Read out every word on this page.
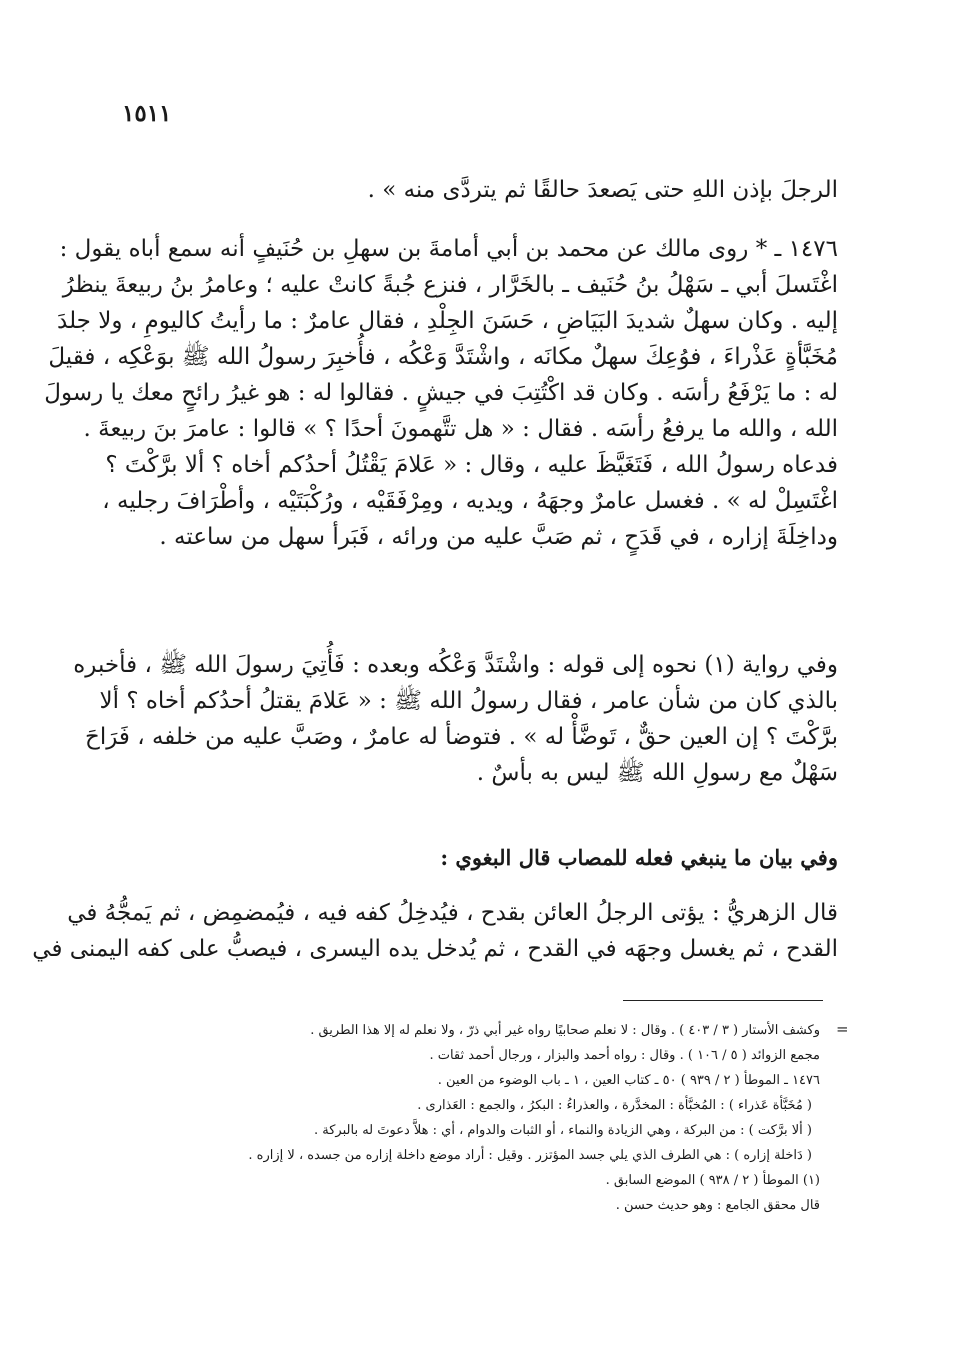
١٥١١
الرجلَ بإذن اللهِ حتى يَصعدَ حالقًا ثم يتردَّى منه » .
١٤٧٦ ـ * روى مالك عن محمد بن أبي أمامةَ بن سهلِ بن حُنَيفٍ أنه سمع أباه يقول :
اغْتَسلَ أبي ـ سَهْلُ بنُ حُنَيف ـ بالخَرَّار ، فنزع جُبةً كانتْ عليه ؛ وعامرُ بنُ ربيعةَ ينظرُ
إليه . وكان سهلٌ شديدَ البَيَاضِ ، حَسَنَ الجِلْدِ ، فقال عامرٌ : ما رأيتُ كاليومِ ، ولا جلدَ
مُخَبَّأةٍ عَذْراءَ ، فوُعِكَ سهلٌ مكانَه ، واشْتَدَّ وَعْكُه ، فأُخبِرَ رسولُ الله ﷺ بوَعْكِه ، فقيلَ
له : ما يَرْفَعُ رأسَه . وكان قد اكْتُتِبَ في جيشٍ . فقالوا له : هو غيرُ رائحٍ معك يا رسولَ
الله ، والله ما يرفعُ رأسَه . فقال : « هل تتَّهمونَ أحدًا ؟ » قالوا : عامرَ بنَ ربيعةَ .
فدعاه رسولُ الله ، فَتَغَيَّظَ عليه ، وقال : « عَلامَ يَقْتُلُ أحدُكم أخاه ؟ ألا برَّكْتَ ؟
اغْتَسِلْ له » . فغسل عامرٌ وجهَهُ ، ويديه ، ومِرْفَقَيْه ، ورُكْبَتَيْه ، وأطْرَافَ رجليه ،
وداخِلَةَ إزاره ، في قَدَحٍ ، ثم صَبَّ عليه من ورائه ، فَبَرأ سهل من ساعته .
وفي رواية (١) نحوه إلى قوله : واشْتَدَّ وَعْكُه وبعده : فَأُتِيَ رسولَ الله ﷺ ، فأخبره
بالذي كان من شأن عامر ، فقال رسولُ الله ﷺ : « عَلامَ يقتلُ أحدُكم أخاه ؟ ألا
برَّكْتَ ؟ إن العين حقٌّ ، تَوضَّأْ له » . فتوضأ له عامرٌ ، وصَبَّ عليه من خلفه ، فَرَاحَ
سَهْلٌ مع رسولِ الله ﷺ ليس به بأسٌ .
وفي بيان ما ينبغي فعله للمصاب قال البغوي :
قال الزهريُّ : يؤتى الرجلُ العائن بقدح ، فيُدخِلُ كفه فيه ، فيُمضمِض ، ثم يَمجُّهُ في
القدح ، ثم يغسل وجهَه في القدح ، ثم يُدخل يده اليسرى ، فيصبُّ على كفه اليمنى في
=
وكشف الأستار ( ٣ / ٤٠٣ ) . وقال : لا نعلم صحابيًا رواه غير أبي ذرّ ، ولا نعلم له إلا هذا الطريق .
مجمع الزوائد ( ٥ / ١٠٦ ) . وقال : رواه أحمد والبزار ، ورجال أحمد ثقات .
١٤٧٦ ـ الموطأ ( ٢ / ٩٣٩ ) ٥٠ ـ كتاب العين ، ١ ـ باب الوضوء من العين .
( مُخَبَّأة عَذراء ) : المُخبَّأة : المخدَّرة ، والعذراءُ : البكرُ ، والجمع : العَذارى .
( ألا برَّكت ) : من البركة ، وهي الزيادة والنماء ، أو الثبات والدوام ، أي : هلاَّ دعوتَ له بالبركة .
( دَاخلة إزاره ) : هي الطرف الذي يلي جسد المؤتزر . وقيل : أراد موضع داخلة إزاره من جسده ، لا إزاره .
(١) الموطأ ( ٢ / ٩٣٨ ) الموضع السابق .
قال محقق الجامع : وهو حديث حسن .
